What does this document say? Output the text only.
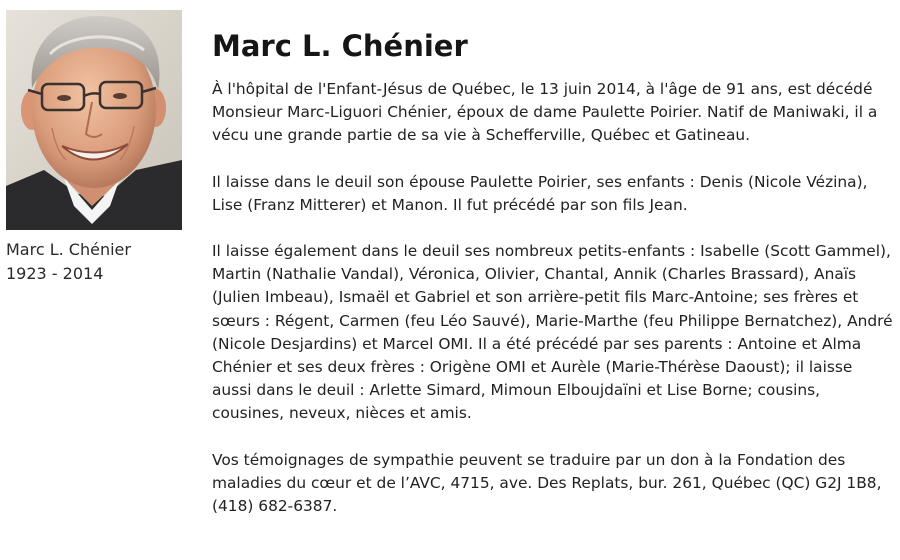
Marc L. Chénier
1923 - 2014
Marc L. Chénier

À l'hôpital de l'Enfant-Jésus de Québec, le 13 juin 2014, à l'âge de 91 ans, est décédé Monsieur Marc-Liguori Chénier, époux de dame Paulette Poirier. Natif de Maniwaki, il a vécu une grande partie de sa vie à Schefferville, Québec et Gatineau.

Il laisse dans le deuil son épouse Paulette Poirier, ses enfants : Denis (Nicole Vézina), Lise (Franz Mitterer) et Manon. Il fut précédé par son fils Jean.

Il laisse également dans le deuil ses nombreux petits-enfants : Isabelle (Scott Gammel), Martin (Nathalie Vandal), Véronica, Olivier, Chantal, Annik (Charles Brassard), Anaïs (Julien Imbeau), Ismaël et Gabriel et son arrière-petit fils Marc-Antoine; ses frères et sœurs : Régent, Carmen (feu Léo Sauvé), Marie-Marthe (feu Philippe Bernatchez), André (Nicole Desjardins) et Marcel OMI. Il a été précédé par ses parents : Antoine et Alma Chénier et ses deux frères : Origène OMI et Aurèle (Marie-Thérèse Daoust); il laisse aussi dans le deuil : Arlette Simard, Mimoun Elboujdaïni et Lise Borne; cousins, cousines, neveux, nièces et amis.

Vos témoignages de sympathie peuvent se traduire par un don à la Fondation des maladies du cœur et de l’AVC, 4715, ave. Des Replats, bur. 261, Québec (QC) G2J 1B8, (418) 682-6387.
